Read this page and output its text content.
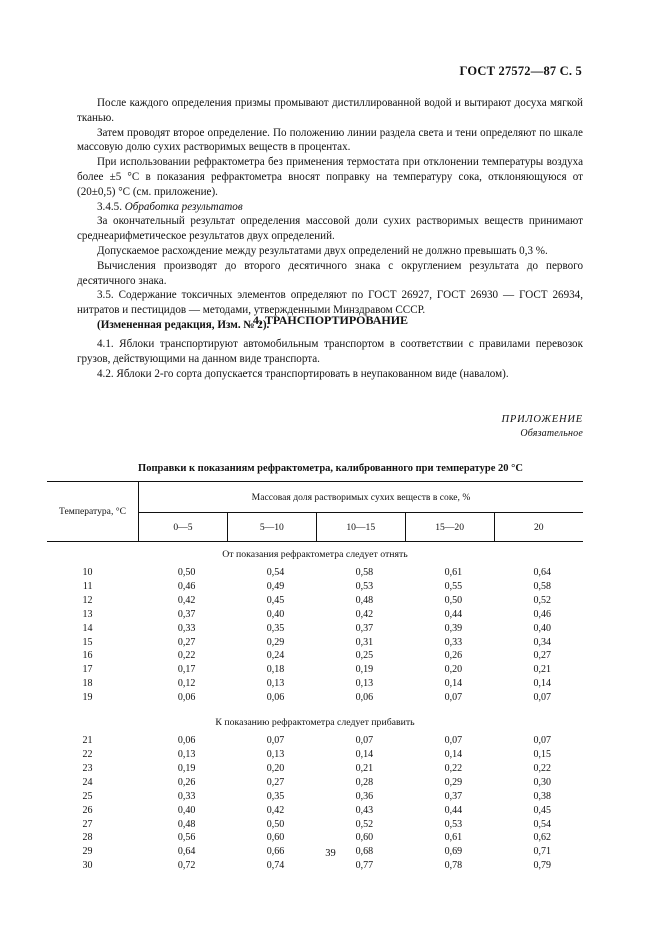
ГОСТ 27572—87 С. 5

После каждого определения призмы промывают дистиллированной водой и вытирают досуха мягкой тканью.

Затем проводят второе определение. По положению линии раздела света и тени определяют по шкале массовую долю сухих растворимых веществ в процентах.

При использовании рефрактометра без применения термостата при отклонении температуры воздуха более ±5 °С в показания рефрактометра вносят поправку на температуру сока, отклоняющуюся от (20±0,5) °С (см. приложение).

3.4.5. Обработка результатов

За окончательный результат определения массовой доли сухих растворимых веществ принимают среднеарифметическое результатов двух определений.

Допускаемое расхождение между результатами двух определений не должно превышать 0,3 %.

Вычисления производят до второго десятичного знака с округлением результата до первого десятичного знака.

3.5. Содержание токсичных элементов определяют по ГОСТ 26927, ГОСТ 26930 — ГОСТ 26934, нитратов и пестицидов — методами, утвержденными Минздравом СССР.

(Измененная редакция, Изм. № 2).

4. ТРАНСПОРТИРОВАНИЕ

4.1. Яблоки транспортируют автомобильным транспортом в соответствии с правилами перевозок грузов, действующими на данном виде транспорта.

4.2. Яблоки 2-го сорта допускается транспортировать в неупакованном виде (навалом).

ПРИЛОЖЕНИЕ
Обязательное
Поправки к показаниям рефрактометра, калиброванного при температуре 20 °С
Температура, °С	Массовая доля растворимых сухих веществ в соке, %				
	0—5	5—10	10—15	15—20	20
От показания рефрактометра следует отнять					
10	0,50	0,54	0,58	0,61	0,64
11	0,46	0,49	0,53	0,55	0,58
12	0,42	0,45	0,48	0,50	0,52
13	0,37	0,40	0,42	0,44	0,46
14	0,33	0,35	0,37	0,39	0,40
15	0,27	0,29	0,31	0,33	0,34
16	0,22	0,24	0,25	0,26	0,27
17	0,17	0,18	0,19	0,20	0,21
18	0,12	0,13	0,13	0,14	0,14
19	0,06	0,06	0,06	0,07	0,07
К показанию рефрактометра следует прибавить					
21	0,06	0,07	0,07	0,07	0,07
22	0,13	0,13	0,14	0,14	0,15
23	0,19	0,20	0,21	0,22	0,22
24	0,26	0,27	0,28	0,29	0,30
25	0,33	0,35	0,36	0,37	0,38
26	0,40	0,42	0,43	0,44	0,45
27	0,48	0,50	0,52	0,53	0,54
28	0,56	0,60	0,60	0,61	0,62
29	0,64	0,66	0,68	0,69	0,71
30	0,72	0,74	0,77	0,78	0,79
39
